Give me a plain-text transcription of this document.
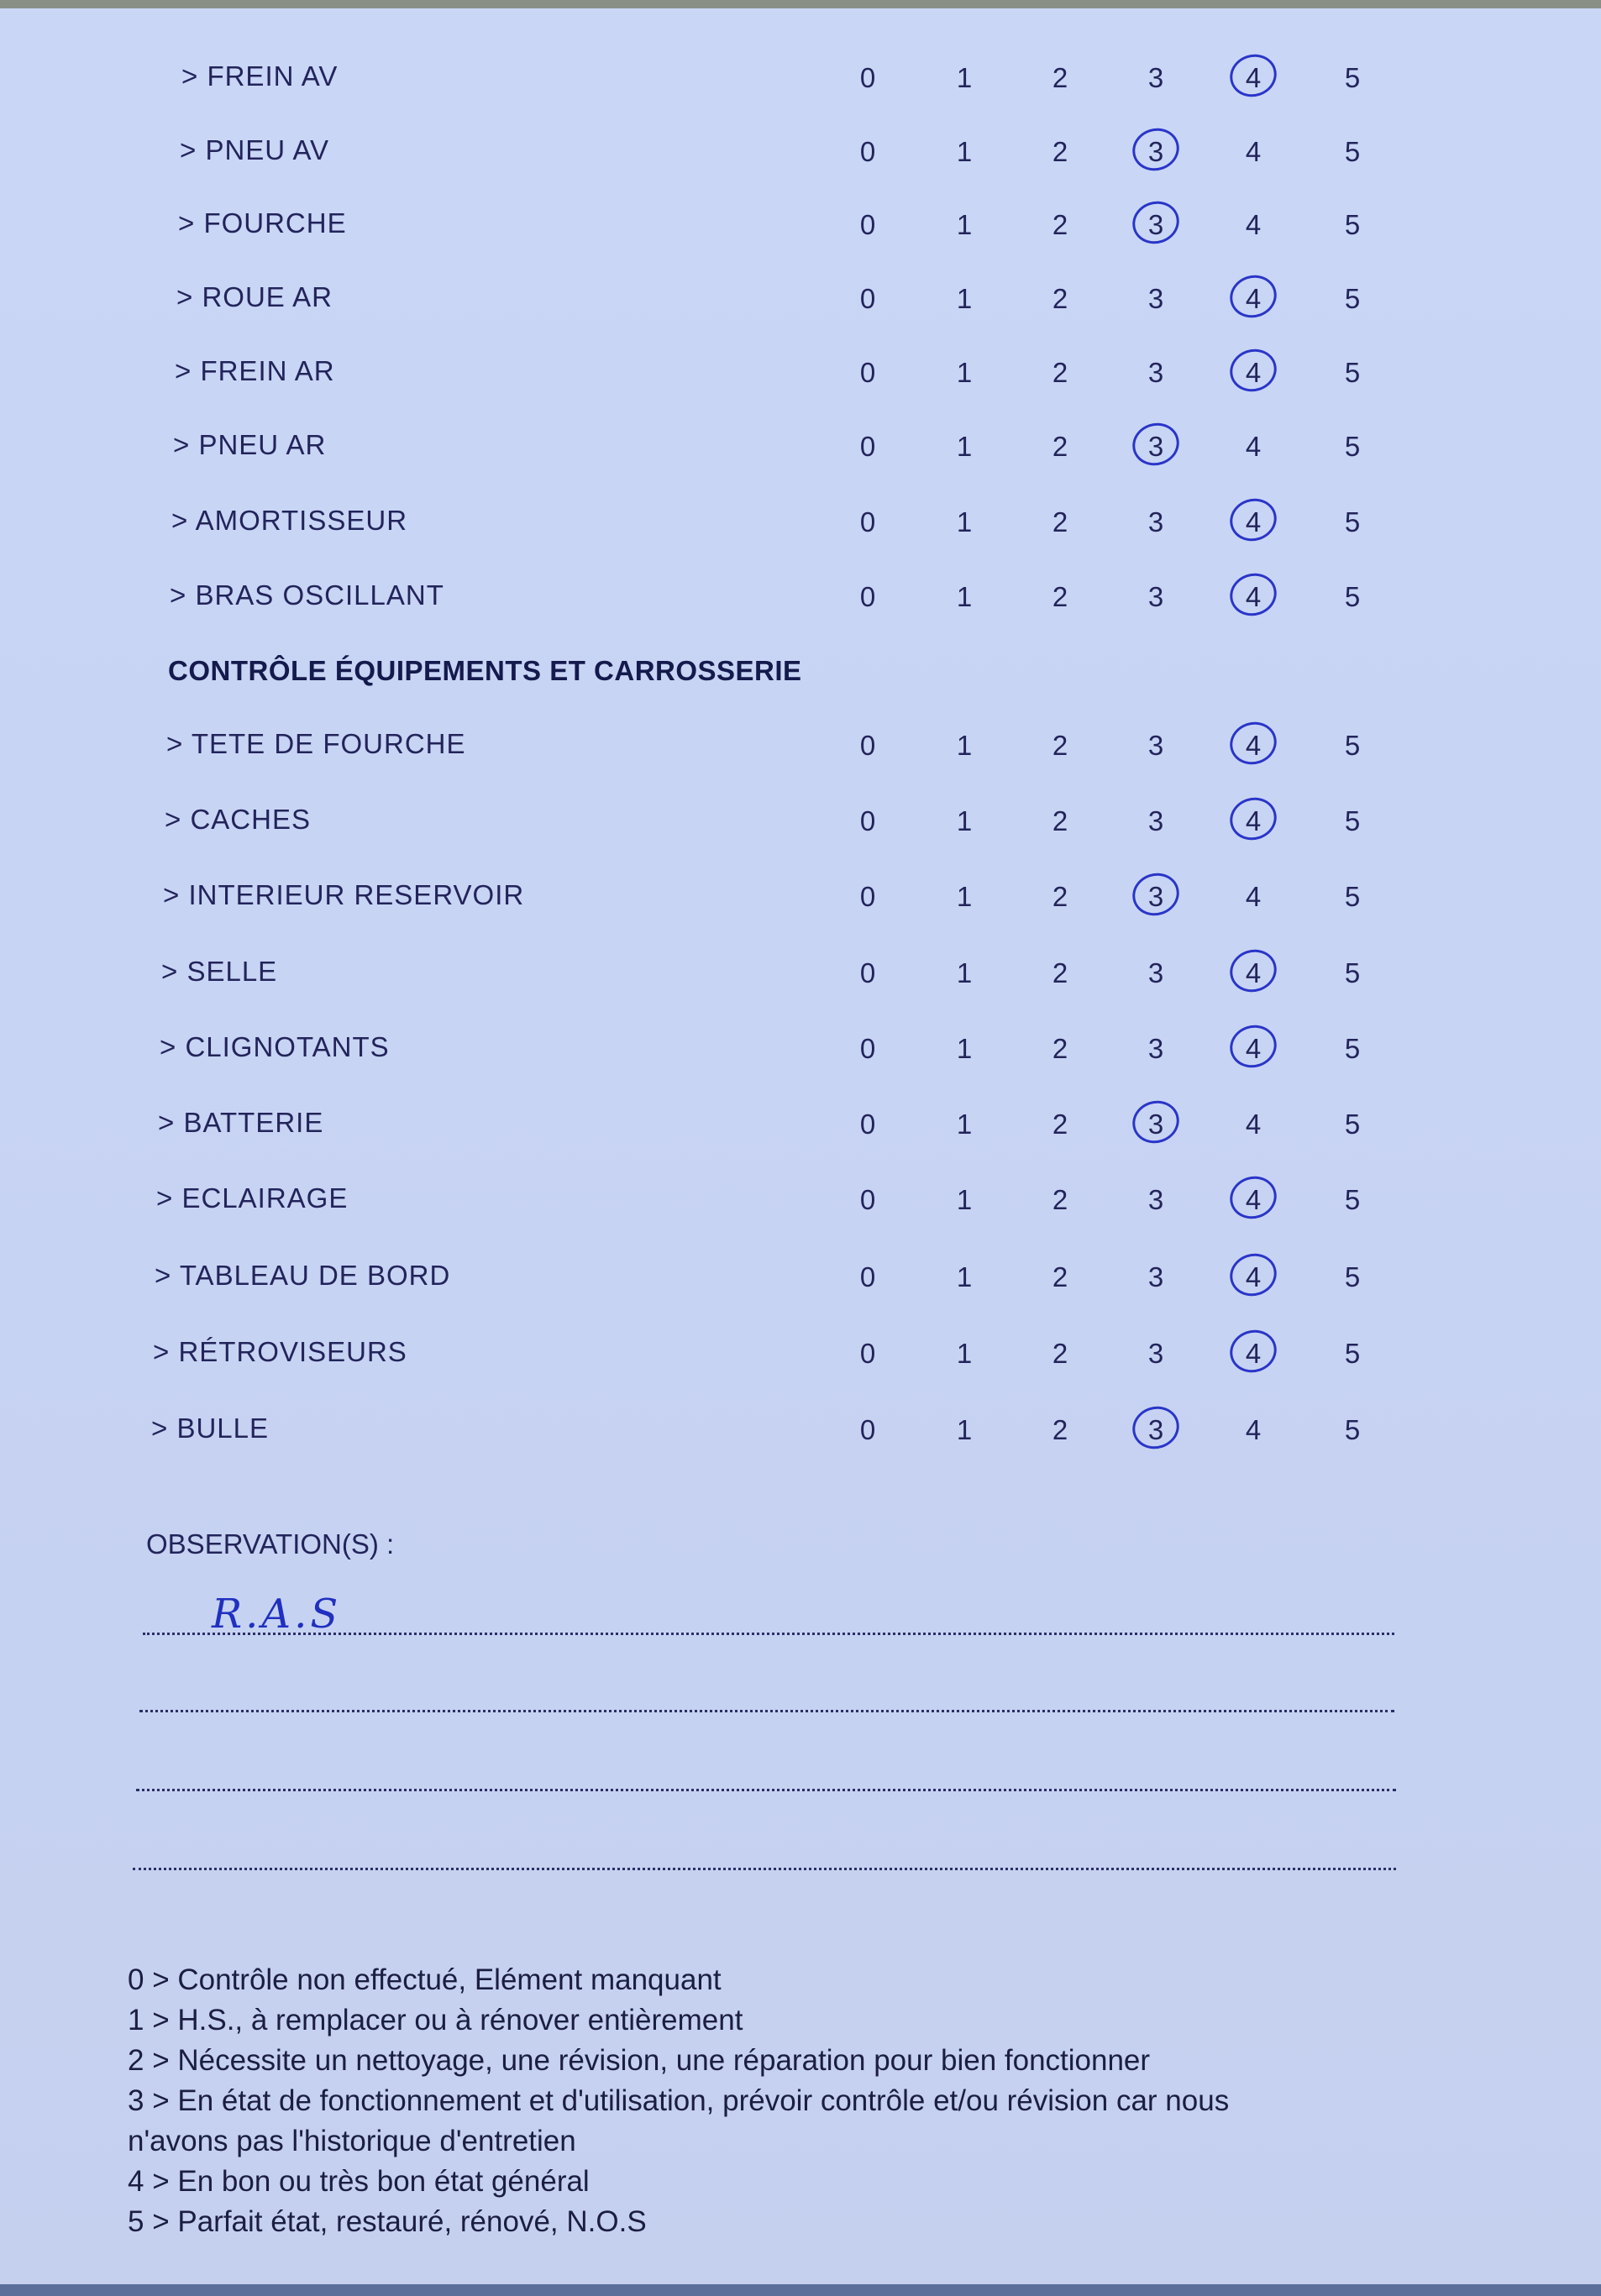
> FREIN AV	0	1	2	3	4	5
> PNEU AV	0	1	2	3	4	5
> FOURCHE	0	1	2	3	4	5
> ROUE AR	0	1	2	3	4	5
> FREIN AR	0	1	2	3	4	5
> PNEU AR	0	1	2	3	4	5
> AMORTISSEUR	0	1	2	3	4	5
> BRAS OSCILLANT	0	1	2	3	4	5
> TETE DE FOURCHE	0	1	2	3	4	5
> CACHES	0	1	2	3	4	5
> INTERIEUR RESERVOIR	0	1	2	3	4	5
> SELLE	0	1	2	3	4	5
> CLIGNOTANTS	0	1	2	3	4	5
> BATTERIE	0	1	2	3	4	5
> ECLAIRAGE	0	1	2	3	4	5
> TABLEAU DE BORD	0	1	2	3	4	5
> RÉTROVISEURS	0	1	2	3	4	5
> BULLE	0	1	2	3	4	5
CONTRÔLE ÉQUIPEMENTS ET CARROSSERIE
OBSERVATION(S) :
R.A.S
0 > Contrôle non effectué, Elément manquant
1 > H.S., à remplacer ou à rénover entièrement
2 > Nécessite un nettoyage, une révision, une réparation pour bien fonctionner
3 > En état de fonctionnement et d'utilisation, prévoir contrôle et/ou révision car nous
n'avons pas l'historique d'entretien
4 > En bon ou très bon état général
5 > Parfait état, restauré, rénové, N.O.S
